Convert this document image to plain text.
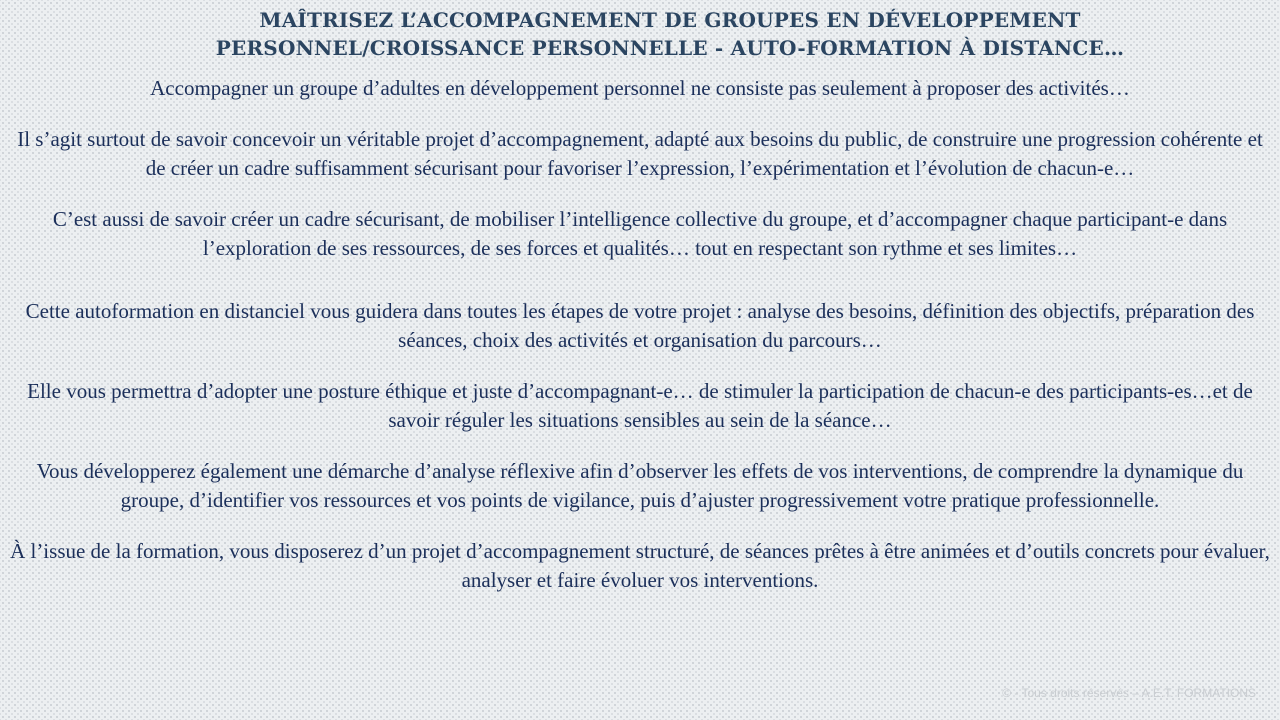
MAÎTRISEZ L’ACCOMPAGNEMENT DE GROUPES EN DÉVELOPPEMENT
PERSONNEL/CROISSANCE PERSONNELLE - AUTO-FORMATION À DISTANCE…

Accompagner un groupe d’adultes en développement personnel ne consiste pas seulement à proposer des activités…

Il s’agit surtout de savoir concevoir un véritable projet d’accompagnement, adapté aux besoins du public, de construire une progression cohérente et de créer un cadre suffisamment sécurisant pour favoriser l’expression, l’expérimentation et l’évolution de chacun-e…

C’est aussi de savoir créer un cadre sécurisant, de mobiliser l’intelligence collective du groupe, et d’accompagner chaque participant-e dans l’exploration de ses ressources, de ses forces et qualités… tout en respectant son rythme et ses limites…

Cette autoformation en distanciel vous guidera dans toutes les étapes de votre projet : analyse des besoins, définition des objectifs, préparation des séances, choix des activités et organisation du parcours…

Elle vous permettra d’adopter une posture éthique et juste d’accompagnant-e… de stimuler la participation de chacun-e des participants-es…et de savoir réguler les situations sensibles au sein de la séance…

Vous développerez également une démarche d’analyse réflexive afin d’observer les effets de vos interventions, de comprendre la dynamique du groupe, d’identifier vos ressources et vos points de vigilance, puis d’ajuster progressivement votre pratique professionnelle.

À l’issue de la formation, vous disposerez d’un projet d’accompagnement structuré, de séances prêtes à être animées et d’outils concrets pour évaluer, analyser et faire évoluer vos interventions.

© - Tous droits réservés – A.E.T. FORMATIONS
